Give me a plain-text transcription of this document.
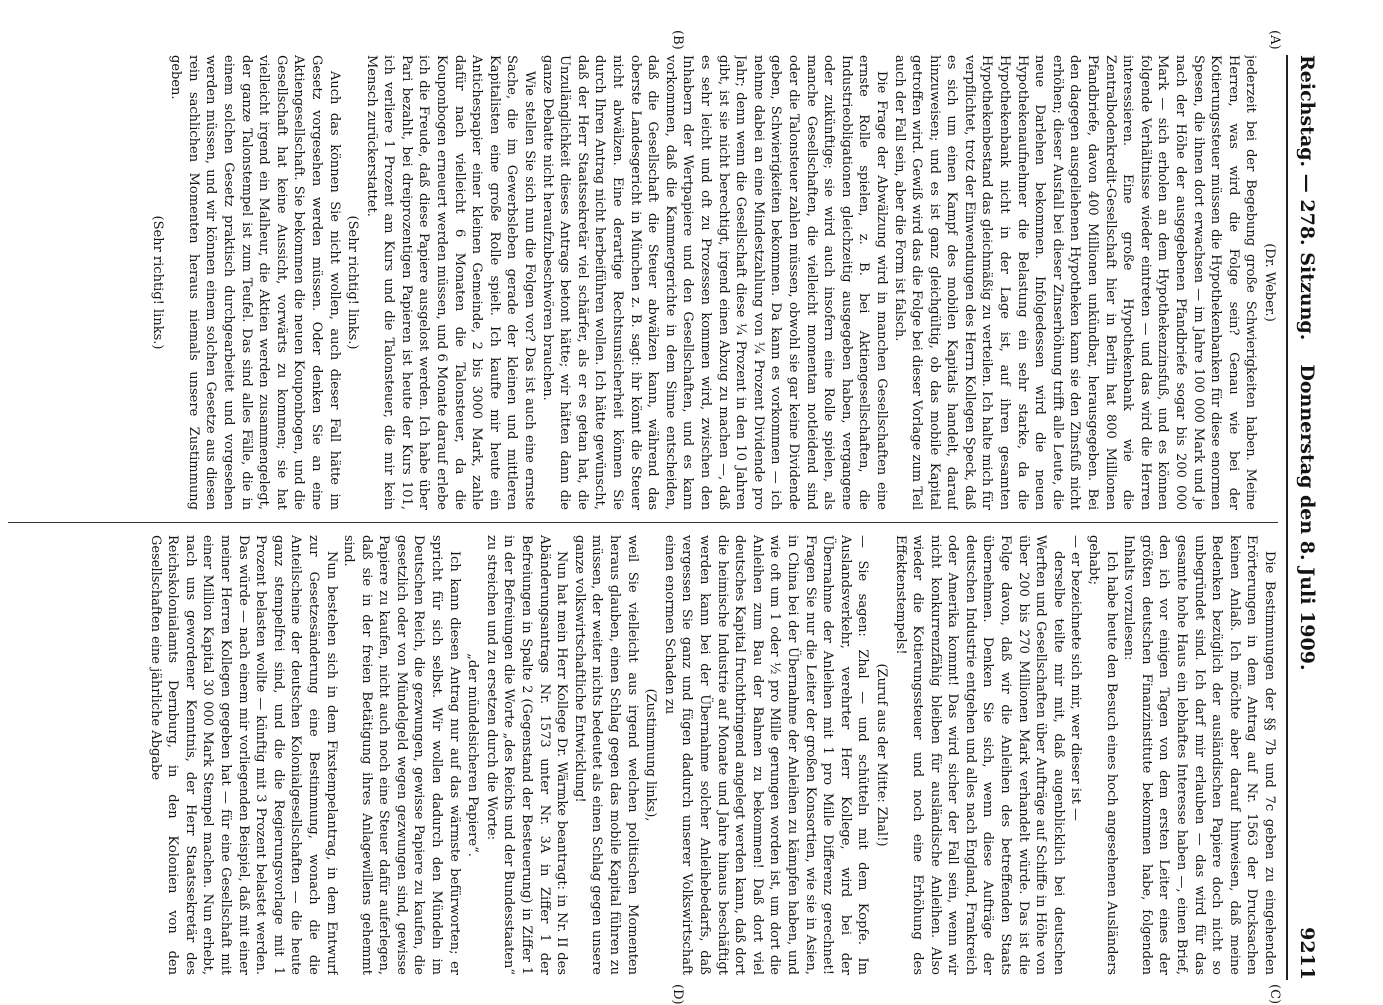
Reichstag. — 278. Sitzung.
Donnerstag den 8. Juli 1909.
9211
(A)
(B)
(C)
(D)
(Dr. Weber.)

jederzeit bei der Begebung große Schwierigkeiten haben. Meine Herren, was wird die Folge sein? Genau wie bei der Kotierungssteuer müssen die Hypothekenbanken für diese enormen Spesen, die ihnen dort erwachsen — im Jahre 100 000 Mark und je nach der Höhe der ausgegebenen Pfandbriefe sogar bis 200 000 Mark — sich erholen an dem Hypothekenzinsfuß, und es können folgende Verhältnisse wieder eintreten — und das wird die Herren interessieren. Eine große Hypothekenbank wie die Zentralbodenkredit-Gesellschaft hier in Berlin hat 800 Millionen Pfandbriefe, davon 400 Millionen unkündbar, herausgegeben. Bei den dagegen ausgeliehenen Hypotheken kann sie den Zinsfuß nicht erhöhen; dieser Ausfall bei dieser Zinserhöhung trifft alle Leute, die neue Darlehen bekommen. Infolgedessen wird die neuen Hypothekenaufnehmer die Belastung ein sehr starke, da die Hypothekenbank nicht in der Lage ist, auf ihren gesamten Hypothekenbestand das gleichmäßig zu verteilen. Ich halte mich für verpflichtet, trotz der Einwendungen des Herrn Kollegen Speck, daß es sich um einen Kampf des mobilen Kapitals handelt, darauf hinzuweisen; und es ist ganz gleichgültig, ob das mobile Kapital getroffen wird. Gewiß wird das die Folge bei dieser Vorlage zum Teil auch der Fall sein, aber die Form ist falsch.

Die Frage der Abwälzung wird in manchen Gesellschaften eine ernste Rolle spielen, z. B. bei Aktiengesellschaften, die Industrieobligationen gleichzeitig ausgegeben haben, vergangene oder zukünftige; sie wird auch insofern eine Rolle spielen, als manche Gesellschaften, die vielleicht momentan notleidend sind oder die Talonsteuer zahlen müssen, obwohl sie gar keine Dividende geben, Schwierigkeiten bekommen. Da kann es vorkommen — ich nehme dabei an eine Mindestzahlung von ¼ Prozent Dividende pro Jahr; denn wenn die Gesellschaft diese ¼ Prozent in den 10 Jahren gibt, ist sie nicht berechtigt, irgend einen Abzug zu machen —, daß es sehr leicht und oft zu Prozessen kommen wird, zwischen den Inhabern der Wertpapiere und den Gesellschaften, und es kann vorkommen, daß die Kammergerichte in dem Sinne entscheiden, daß die Gesellschaft die Steuer abwälzen kann, während das oberste Landesgericht in München z. B. sagt: ihr könnt die Steuer nicht abwälzen. Eine derartige Rechtsunsicherheit können Sie durch Ihren Antrag nicht herbeiführen wollen. Ich hätte gewünscht, daß der Herr Staatssekretär viel schärfer, als er es getan hat, die Unzulänglichkeit dieses Antrags betont hätte; wir hätten dann die ganze Debatte nicht heraufzubeschwören brauchen.

Wie stellen Sie sich nun die Folgen vor? Das ist auch eine ernste Sache, die im Gewerbsleben gerade der kleinen und mittleren Kapitalisten eine große Rolle spielt. Ich kaufte mir heute ein Antichespapier einer kleinen Gemeinde, 2 bis 3000 Mark, zahle dafür nach vielleicht 6 Monaten die Talonsteuer, da die Kouponbogen erneuert werden müssen, und 6 Monate darauf erlebe ich die Freude, daß diese Papiere ausgelost werden. Ich habe über Pari bezahlt, bei dreiprozentigen Papieren ist heute der Kurs 101, ich verliere 1 Prozent am Kurs und die Talonsteuer, die mir kein Mensch zurückerstattet.

(Sehr richtig! links.)

Auch das können Sie nicht wollen, auch dieser Fall hätte im Gesetz vorgesehen werden müssen. Oder denken Sie an eine Aktiengesellschaft. Sie bekommen die neuen Kouponbogen, und die Gesellschaft hat keine Aussicht, vorwärts zu kommen; sie hat vielleicht irgend ein Malheur, die Aktien werden zusammengelegt, der ganze Talonstempel ist zum Teufel. Das sind alles Fälle, die in einem solchen Gesetz praktisch durchgearbeitet und vorgesehen werden müssen, und wir können einem solchen Gesetze aus diesen rein sachlichen Momenten heraus niemals unsere Zustimmung geben.

(Sehr richtig! links.)

Die Bestimmungen der §§ 7b und 7c geben zu eingehenden Erörterungen in dem Antrag auf Nr. 1563 der Drucksachen keinen Anlaß. Ich möchte aber darauf hinweisen, daß meine Bedenken bezüglich der ausländischen Papiere doch nicht so unbegründet sind. Ich darf mir erlauben — das wird für das gesamte hohe Haus ein lebhaftes Interesse haben —, einen Brief, den ich vor einigen Tagen von dem ersten Leiter eines der größten deutschen Finanzinstitute bekommen habe, folgenden Inhalts vorzulesen:

Ich habe heute den Besuch eines hoch angesehenen Ausländers gehabt;

— er bezeichnete sich mir, wer dieser ist —

derselbe teilte mir mit, daß augenblicklich bei deutschen Werften und Gesellschaften über Aufträge auf Schiffe in Höhe von über 200 bis 270 Millionen Mark verhandelt würde. Das ist die Folge davon, daß wir die Anleihen des betreffenden Staats übernehmen. Denken Sie sich, wenn diese Aufträge der deutschen Industrie entgehen und alles nach England, Frankreich oder Amerika kommt! Das wird sicher der Fall sein, wenn wir nicht konkurrenzfähig bleiben für ausländische Anleihen. Also wieder die Kotierungssteuer und noch eine Erhöhung des Effektenstempels!

(Zuruf aus der Mitte: Zhal!)

— Sie sagen: Zhal — und schütteln mit dem Kopfe. Im Auslandsverkehr, verehrter Herr Kollege, wird bei der Übernahme der Anleihen mit 1 pro Mille Differenz gerechnet! Fragen Sie nur die Leiter der großen Konsortien, wie sie in Asien, in China bei der Übernahme der Anleihen zu kämpfen haben, und wie oft um 1 oder ½ pro Mille gerungen worden ist, um dort die Anleihen zum Bau der Bahnen zu bekommen! Daß dort viel deutsches Kapital fruchtbringend angelegt werden kann, daß dort die heimische Industrie auf Monate und Jahre hinaus beschäftigt werden kann bei der Übernahme solcher Anleihebedarfs, daß vergessen Sie ganz und fügen dadurch unserer Volkswirtschaft einen enormen Schaden zu

(Zustimmung links),

weil Sie vielleicht aus irgend welchen politischen Momenten heraus glauben, einen Schlag gegen das mobile Kapital führen zu müssen, der weiter nichts bedeutet als einen Schlag gegen unsere ganze volkswirtschaftliche Entwicklung!

Nun hat mein Herr Kollege Dr. Wärmke beantragt: in Nr. II des Abänderungsantrags Nr. 1573 unter Nr. 3A in Ziffer 1 der Befreiungen in Spalte 2 (Gegenstand der Besteuerung) in Ziffer 1 in der Befreiungen die Worte „des Reichs und der Bundesstaaten“ zu streichen und zu ersetzen durch die Worte:

„der mündelsicheren Papiere“.

Ich kann diesen Antrag nur auf das wärmste befürworten; er spricht für sich selbst. Wir wollen dadurch den Mündeln im Deutschen Reich, die gezwungen, gewisse Papiere zu kaufen, die gesetzlich oder von Mündelgeld wegen gezwungen sind, gewisse Papiere zu kaufen, nicht auch noch eine Steuer dafür auferlegen, daß sie in der freien Betätigung ihres Anlagewillens gehemmt sind.

Nun bestehen sich in dem Fixstempelantrag, in dem Entwurf zur Gesetzesänderung eine Bestimmung, wonach die die Anteilscheine der deutschen Kolonialgesellschaften — die heute ganz stempelfrei sind, und die die Regierungsvorlage mit 1 Prozent belasten wollte — künftig mit 3 Prozent belastet werden. Das würde — nach einem mir vorliegenden Beispiel, daß mit einer meiner Herren Kollegen gegeben hat — für eine Gesellschaft mit einer Million Kapital 30 000 Mark Stempel machen. Nun erhebt, nach uns gewordener Kenntnis, der Herr Staatssekretär des Reichskolonialamts Dernburg, in den Kolonien von den Gesellschaften eine jährliche Abgabe
